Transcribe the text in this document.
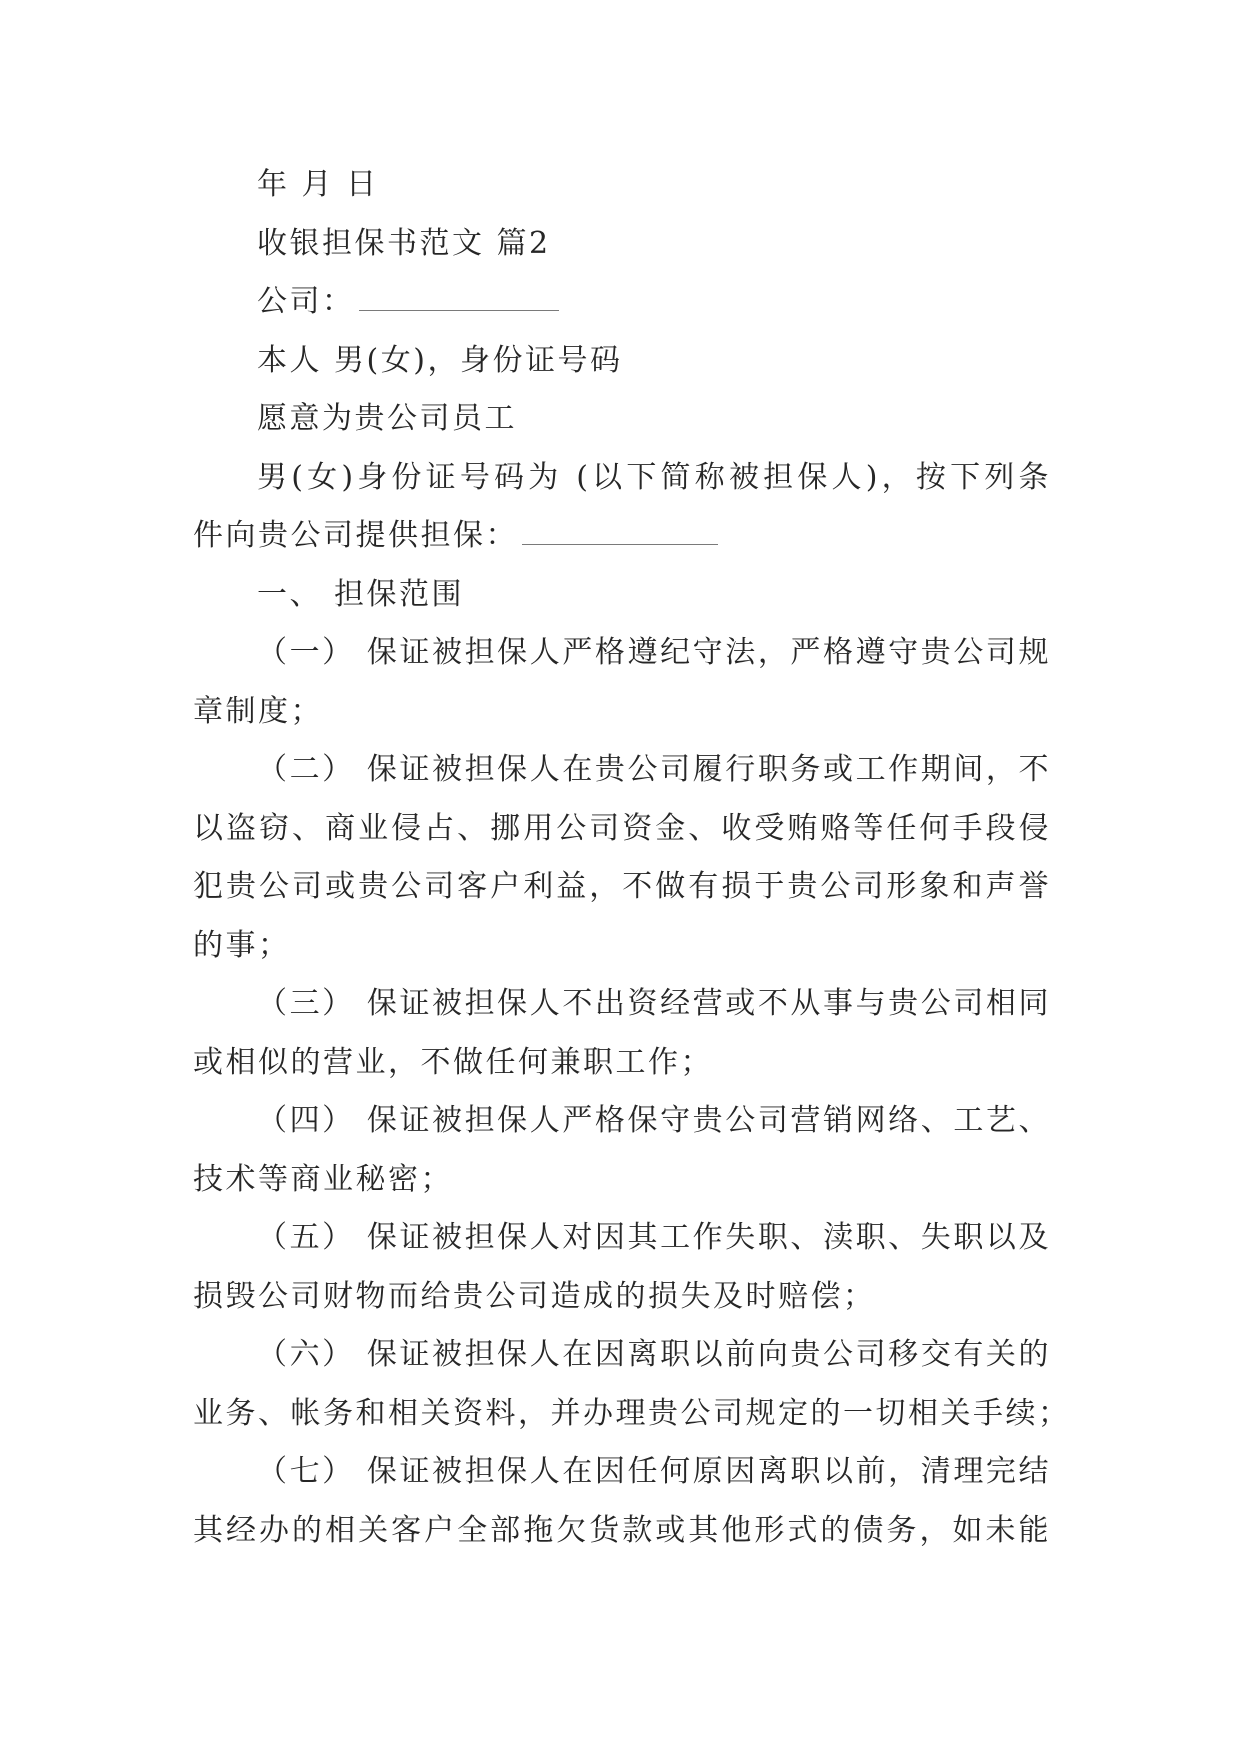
年 月 日
收银担保书范文 篇2
公司：
本人 男(女)，身份证号码
愿意为贵公司员工
男(女)身份证号码为 (以下简称被担保人)，按下列条
件向贵公司提供担保：
一、 担保范围
（一） 保证被担保人严格遵纪守法，严格遵守贵公司规
章制度；
（二） 保证被担保人在贵公司履行职务或工作期间，不
以盗窃、商业侵占、挪用公司资金、收受贿赂等任何手段侵
犯贵公司或贵公司客户利益，不做有损于贵公司形象和声誉
的事；
（三） 保证被担保人不出资经营或不从事与贵公司相同
或相似的营业，不做任何兼职工作；
（四） 保证被担保人严格保守贵公司营销网络、工艺、
技术等商业秘密；
（五） 保证被担保人对因其工作失职、渎职、失职以及
损毁公司财物而给贵公司造成的损失及时赔偿；
（六） 保证被担保人在因离职以前向贵公司移交有关的
业务、帐务和相关资料，并办理贵公司规定的一切相关手续；
（七） 保证被担保人在因任何原因离职以前，清理完结
其经办的相关客户全部拖欠货款或其他形式的债务，如未能
